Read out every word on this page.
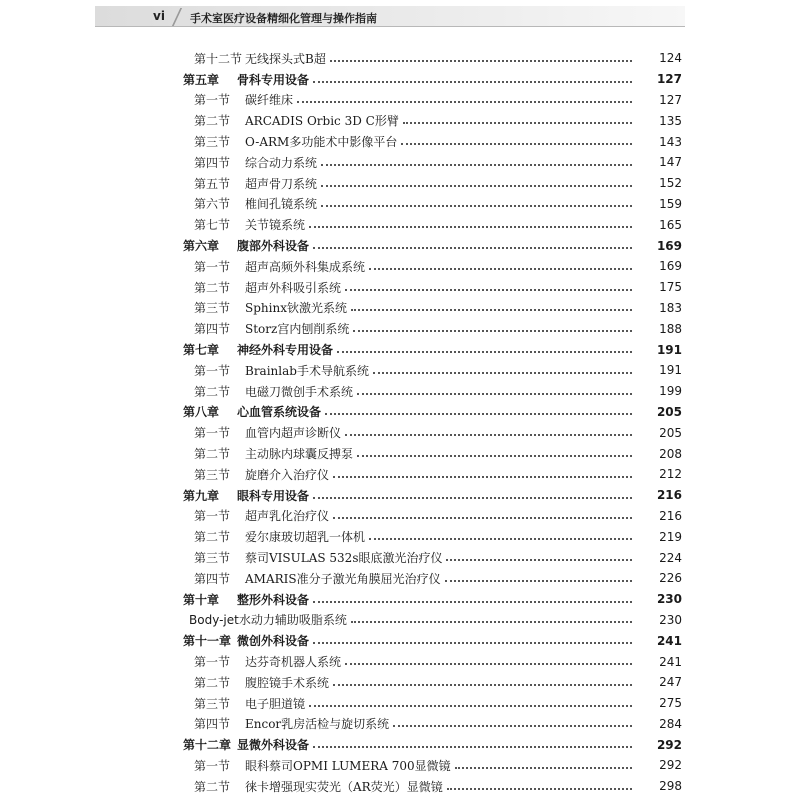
vi 手术室医疗设备精细化管理与操作指南
第十二节 无线探头式B超	124
第五章	骨科专用设备	127
第一节	碳纤维床	127
第二节	ARCADIS Orbic 3D C形臂	135
第三节	O-ARM多功能术中影像平台	143
第四节	综合动力系统	147
第五节	超声骨刀系统	152
第六节	椎间孔镜系统	159
第七节	关节镜系统	165
第六章	腹部外科设备	169
第一节	超声高频外科集成系统	169
第二节	超声外科吸引系统	175
第三节	Sphinx钬激光系统	183
第四节	Storz宫内刨削系统	188
第七章	神经外科专用设备	191
第一节	Brainlab手术导航系统	191
第二节	电磁刀微创手术系统	199
第八章	心血管系统设备	205
第一节	血管内超声诊断仪	205
第二节	主动脉内球囊反搏泵	208
第三节	旋磨介入治疗仪	212
第九章	眼科专用设备	216
第一节	超声乳化治疗仪	216
第二节	爱尔康玻切超乳一体机	219
第三节	蔡司VISULAS 532s眼底激光治疗仪	224
第四节	AMARIS准分子激光角膜屈光治疗仪	226
第十章	整形外科设备	230
Body-jet水动力辅助吸脂系统	230
第十一章 微创外科设备	241
第一节	达芬奇机器人系统	241
第二节	腹腔镜手术系统	247
第三节	电子胆道镜	275
第四节	Encor乳房活检与旋切系统	284
第十二章 显微外科设备	292
第一节	眼科蔡司OPMI LUMERA 700显微镜	292
第二节	徕卡增强现实荧光（AR荧光）显微镜	298
